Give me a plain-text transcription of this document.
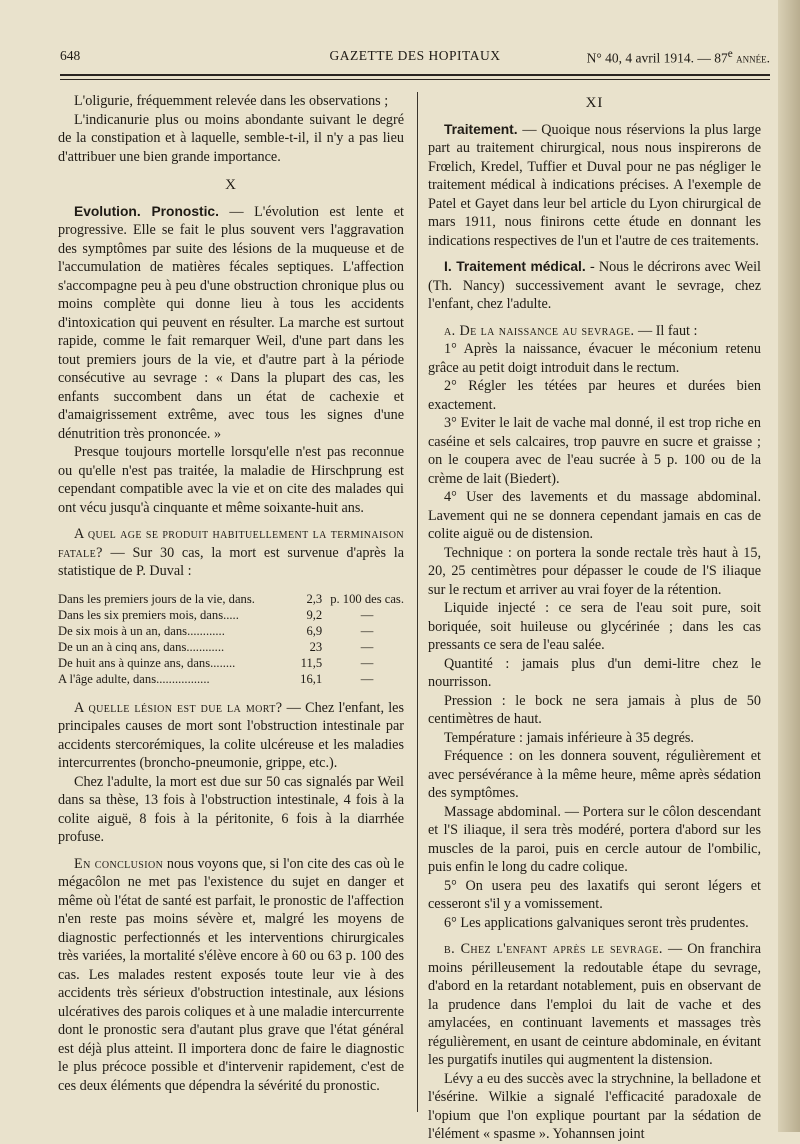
648	GAZETTE DES HOPITAUX	N° 40, 4 avril 1914. — 87e année.

L'oligurie, fréquemment relevée dans les observations ;

L'indicanurie plus ou moins abondante suivant le degré de la constipation et à laquelle, semble-t-il, il n'y a pas lieu d'attribuer une bien grande importance.

X

Evolution. Pronostic. — L'évolution est lente et progressive. Elle se fait le plus souvent vers l'aggravation des symptômes par suite des lésions de la muqueuse et de l'accumulation de matières fécales septiques. L'affection s'accompagne peu à peu d'une obstruction chronique plus ou moins complète qui donne lieu à tous les accidents d'intoxication qui peuvent en résulter. La marche est surtout rapide, comme le fait remarquer Weil, d'une part dans les tout premiers jours de la vie, et d'autre part à la période consécutive au sevrage : « Dans la plupart des cas, les enfants succombent dans un état de cachexie et d'amaigrissement extrême, avec tous les signes d'une dénutrition très prononcée. »

Presque toujours mortelle lorsqu'elle n'est pas reconnue ou qu'elle n'est pas traitée, la maladie de Hirschprung est cependant compatible avec la vie et on cite des malades qui ont vécu jusqu'à cinquante et même soixante-huit ans.

A quel age se produit habituellement la terminaison fatale? — Sur 30 cas, la mort est survenue d'après la statistique de P. Duval :

Dans les premiers jours de la vie, dans.	2,3	p. 100 des cas.
Dans les six premiers mois, dans.....	9,2	—
De six mois à un an, dans............	6,9	—
De un an à cinq ans, dans............	23	—
De huit ans à quinze ans, dans........	11,5	—
A l'âge adulte, dans.................	16,1	—

A quelle lésion est due la mort? — Chez l'enfant, les principales causes de mort sont l'obstruction intestinale par accidents stercorémiques, la colite ulcéreuse et les maladies intercurrentes (broncho-pneumonie, grippe, etc.).

Chez l'adulte, la mort est due sur 50 cas signalés par Weil dans sa thèse, 13 fois à l'obstruction intestinale, 4 fois à la colite aiguë, 8 fois à la péritonite, 6 fois à la diarrhée profuse.

En conclusion nous voyons que, si l'on cite des cas où le mégacôlon ne met pas l'existence du sujet en danger et même où l'état de santé est parfait, le pronostic de l'affection n'en reste pas moins sévère et, malgré les moyens de diagnostic perfectionnés et les interventions chirurgicales très variées, la mortalité s'élève encore à 60 ou 63 p. 100 des cas. Les malades restent exposés toute leur vie à des accidents très sérieux d'obstruction intestinale, aux lésions ulcératives des parois coliques et à une maladie intercurrente dont le pronostic sera d'autant plus grave que l'état général est déjà plus atteint. Il importera donc de faire le diagnostic le plus précoce possible et d'intervenir rapidement, c'est de ces deux éléments que dépendra la sévérité du pronostic.

XI

Traitement. — Quoique nous réservions la plus large part au traitement chirurgical, nous nous inspirerons de Frœlich, Kredel, Tuffier et Duval pour ne pas négliger le traitement médical à indications précises. A l'exemple de Patel et Gayet dans leur bel article du Lyon chirurgical de mars 1911, nous finirons cette étude en donnant les indications respectives de l'un et l'autre de ces traitements.

I. Traitement médical. - Nous le décrirons avec Weil (Th. Nancy) successivement avant le sevrage, chez l'enfant, chez l'adulte.

a. De la naissance au sevrage. — Il faut :

1° Après la naissance, évacuer le méconium retenu grâce au petit doigt introduit dans le rectum.

2° Régler les tétées par heures et durées bien exactement.

3° Eviter le lait de vache mal donné, il est trop riche en caséine et sels calcaires, trop pauvre en sucre et graisse ; on le coupera avec de l'eau sucrée à 5 p. 100 ou de la crème de lait (Biedert).

4° User des lavements et du massage abdominal. Lavement qui ne se donnera cependant jamais en cas de colite aiguë ou de distension.

Technique : on portera la sonde rectale très haut à 15, 20, 25 centimètres pour dépasser le coude de l'S iliaque sur le rectum et arriver au vrai foyer de la rétention.

Liquide injecté : ce sera de l'eau soit pure, soit boriquée, soit huileuse ou glycérinée ; dans les cas pressants ce sera de l'eau salée.

Quantité : jamais plus d'un demi-litre chez le nourrisson.

Pression : le bock ne sera jamais à plus de 50 centimètres de haut.

Température : jamais inférieure à 35 degrés.

Fréquence : on les donnera souvent, régulièrement et avec persévérance à la même heure, même après sédation des symptômes.

Massage abdominal. — Portera sur le côlon descendant et l'S iliaque, il sera très modéré, portera d'abord sur les muscles de la paroi, puis en cercle autour de l'ombilic, puis enfin le long du cadre colique.

5° On usera peu des laxatifs qui seront légers et cesseront s'il y a vomissement.

6° Les applications galvaniques seront très prudentes.

b. Chez l'enfant après le sevrage. — On franchira moins périlleusement la redoutable étape du sevrage, d'abord en la retardant notablement, puis en observant de la prudence dans l'emploi du lait de vache et des amylacées, en continuant lavements et massages très régulièrement, en usant de ceinture abdominale, en évitant les purgatifs inutiles qui augmentent la distension.

Lévy a eu des succès avec la strychnine, la belladone et l'ésérine. Wilkie a signalé l'efficacité paradoxale de l'opium que l'on explique pourtant par la sédation de l'élément « spasme ». Yohannsen joint
